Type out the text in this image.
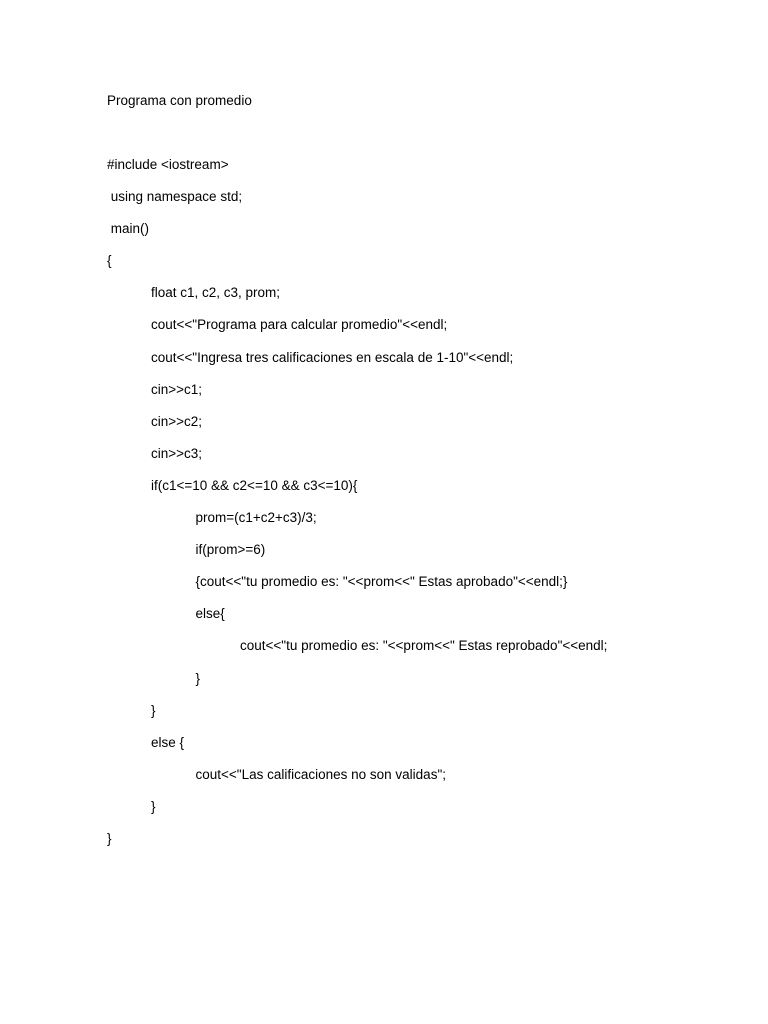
Programa con promedio
#include <iostream>
using namespace std;
main()
{
float c1, c2, c3, prom;
cout<<"Programa para calcular promedio"<<endl;
cout<<"Ingresa tres calificaciones en escala de 1-10"<<endl;
cin>>c1;
cin>>c2;
cin>>c3;
if(c1<=10 && c2<=10 && c3<=10){
prom=(c1+c2+c3)/3;
if(prom>=6)
{cout<<"tu promedio es: "<<prom<<" Estas aprobado"<<endl;}
else{
cout<<"tu promedio es: "<<prom<<" Estas reprobado"<<endl;
}
}
else {
cout<<"Las calificaciones no son validas";
}
}
